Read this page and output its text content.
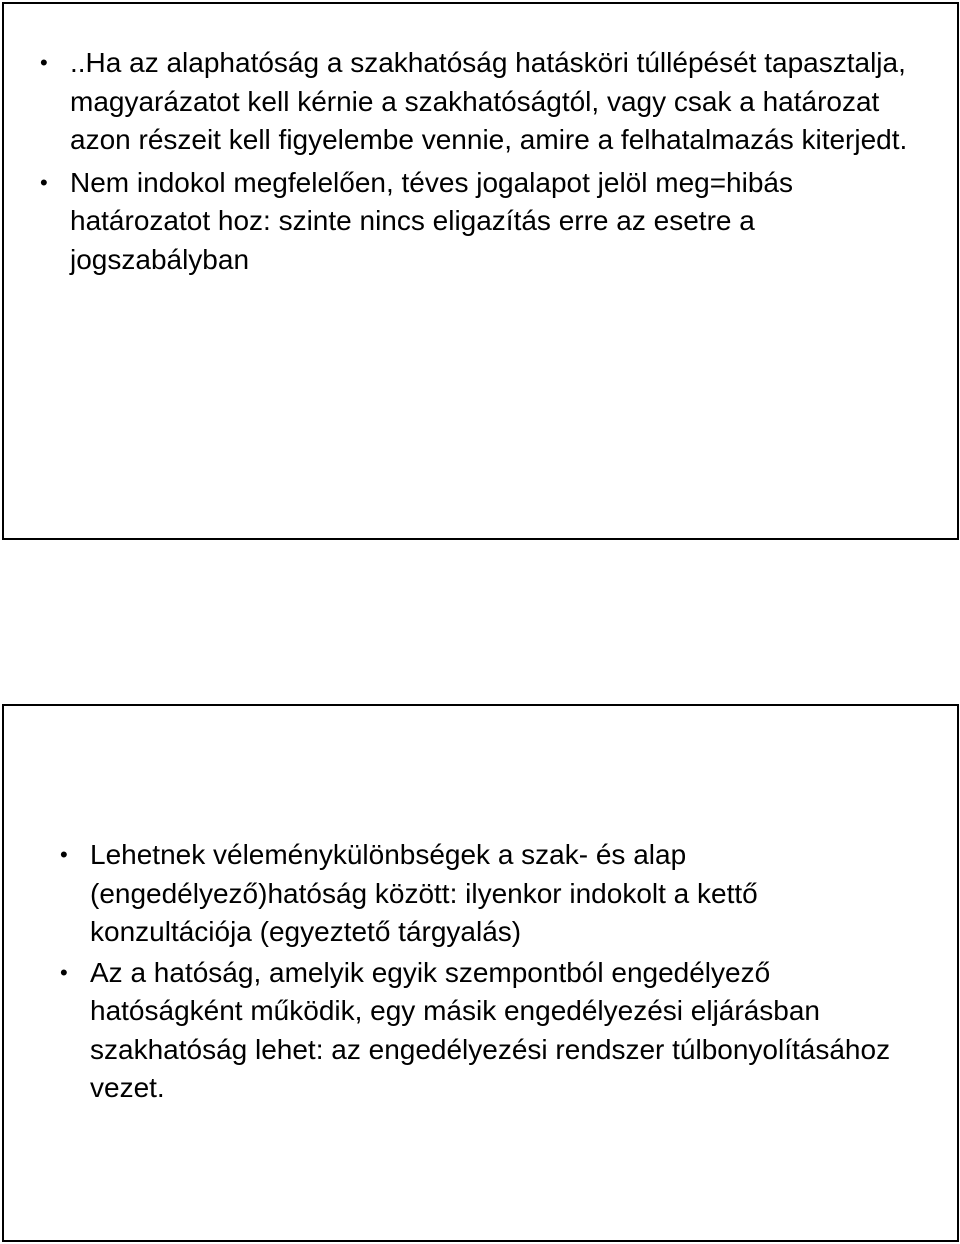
• ..Ha az alaphatóság a szakhatóság hatásköri túllépését tapasztalja, magyarázatot kell kérnie a szakhatóságtól, vagy csak a határozat azon részeit kell figyelembe vennie, amire a felhatalmazás kiterjedt.
• Nem indokol megfelelően, téves jogalapot jelöl meg=hibás határozatot hoz: szinte nincs eligazítás erre az esetre a jogszabályban
• Lehetnek véleménykülönbségek a szak- és alap (engedélyező)hatóság között: ilyenkor indokolt a kettő konzultációja (egyeztető tárgyalás)
• Az a hatóság, amelyik egyik szempontból engedélyező hatóságként működik, egy másik engedélyezési eljárásban szakhatóság lehet: az engedélyezési rendszer túlbonyolításához vezet.
